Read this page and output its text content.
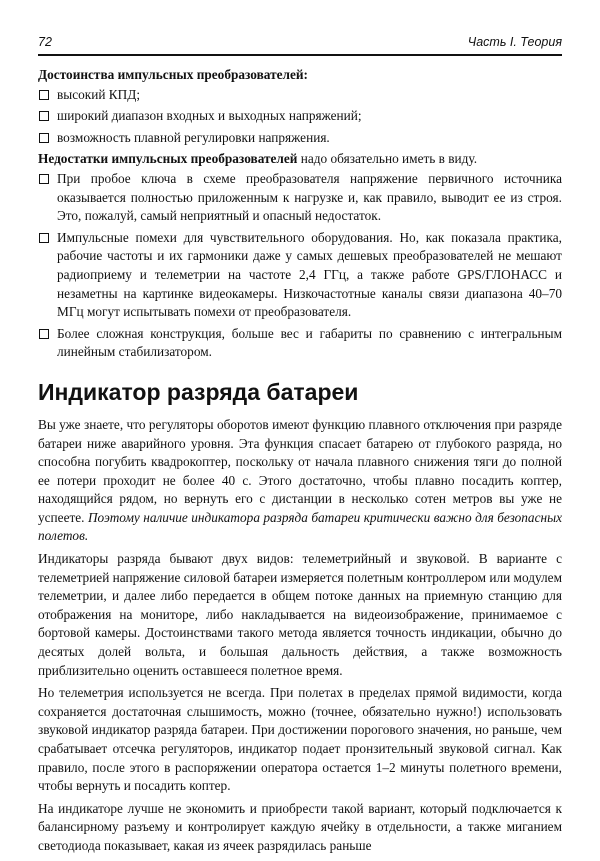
72	Часть I. Теория

Достоинства импульсных преобразователей:

высокий КПД;
широкий диапазон входных и выходных напряжений;
возможность плавной регулировки напряжения.

Недостатки импульсных преобразователей надо обязательно иметь в виду.

При пробое ключа в схеме преобразователя напряжение первичного источника оказывается полностью приложенным к нагрузке и, как правило, выводит ее из строя. Это, пожалуй, самый неприятный и опасный недостаток.
Импульсные помехи для чувствительного оборудования. Но, как показала практика, рабочие частоты и их гармоники даже у самых дешевых преобразователей не мешают радиоприему и телеметрии на частоте 2,4 ГГц, а также работе GPS/ГЛОНАСС и незаметны на картинке видеокамеры. Низкочастотные каналы связи диапазона 40–70 МГц могут испытывать помехи от преобразователя.
Более сложная конструкция, больше вес и габариты по сравнению с интегральным линейным стабилизатором.
Индикатор разряда батареи

Вы уже знаете, что регуляторы оборотов имеют функцию плавного отключения при разряде батареи ниже аварийного уровня. Эта функция спасает батарею от глубокого разряда, но способна погубить квадрокоптер, поскольку от начала плавного снижения тяги до полной ее потери проходит не более 40 с. Этого достаточно, чтобы плавно посадить коптер, находящийся рядом, но вернуть его с дистанции в несколько сотен метров вы уже не успеете. Поэтому наличие индикатора разряда батареи критически важно для безопасных полетов.

Индикаторы разряда бывают двух видов: телеметрийный и звуковой. В варианте с телеметрией напряжение силовой батареи измеряется полетным контроллером или модулем телеметрии, и далее либо передается в общем потоке данных на приемную станцию для отображения на мониторе, либо накладывается на видеоизображение, принимаемое с бортовой камеры. Достоинствами такого метода является точность индикации, обычно до десятых долей вольта, и большая дальность действия, а также возможность приблизительно оценить оставшееся полетное время.

Но телеметрия используется не всегда. При полетах в пределах прямой видимости, когда сохраняется достаточная слышимость, можно (точнее, обязательно нужно!) использовать звуковой индикатор разряда батареи. При достижении порогового значения, но раньше, чем срабатывает отсечка регуляторов, индикатор подает пронзительный звуковой сигнал. Как правило, после этого в распоряжении оператора остается 1–2 минуты полетного времени, чтобы вернуть и посадить коптер.

На индикаторе лучше не экономить и приобрести такой вариант, который подключается к балансирному разъему и контролирует каждую ячейку в отдельности, а также миганием светодиода показывает, какая из ячеек разрядилась раньше
